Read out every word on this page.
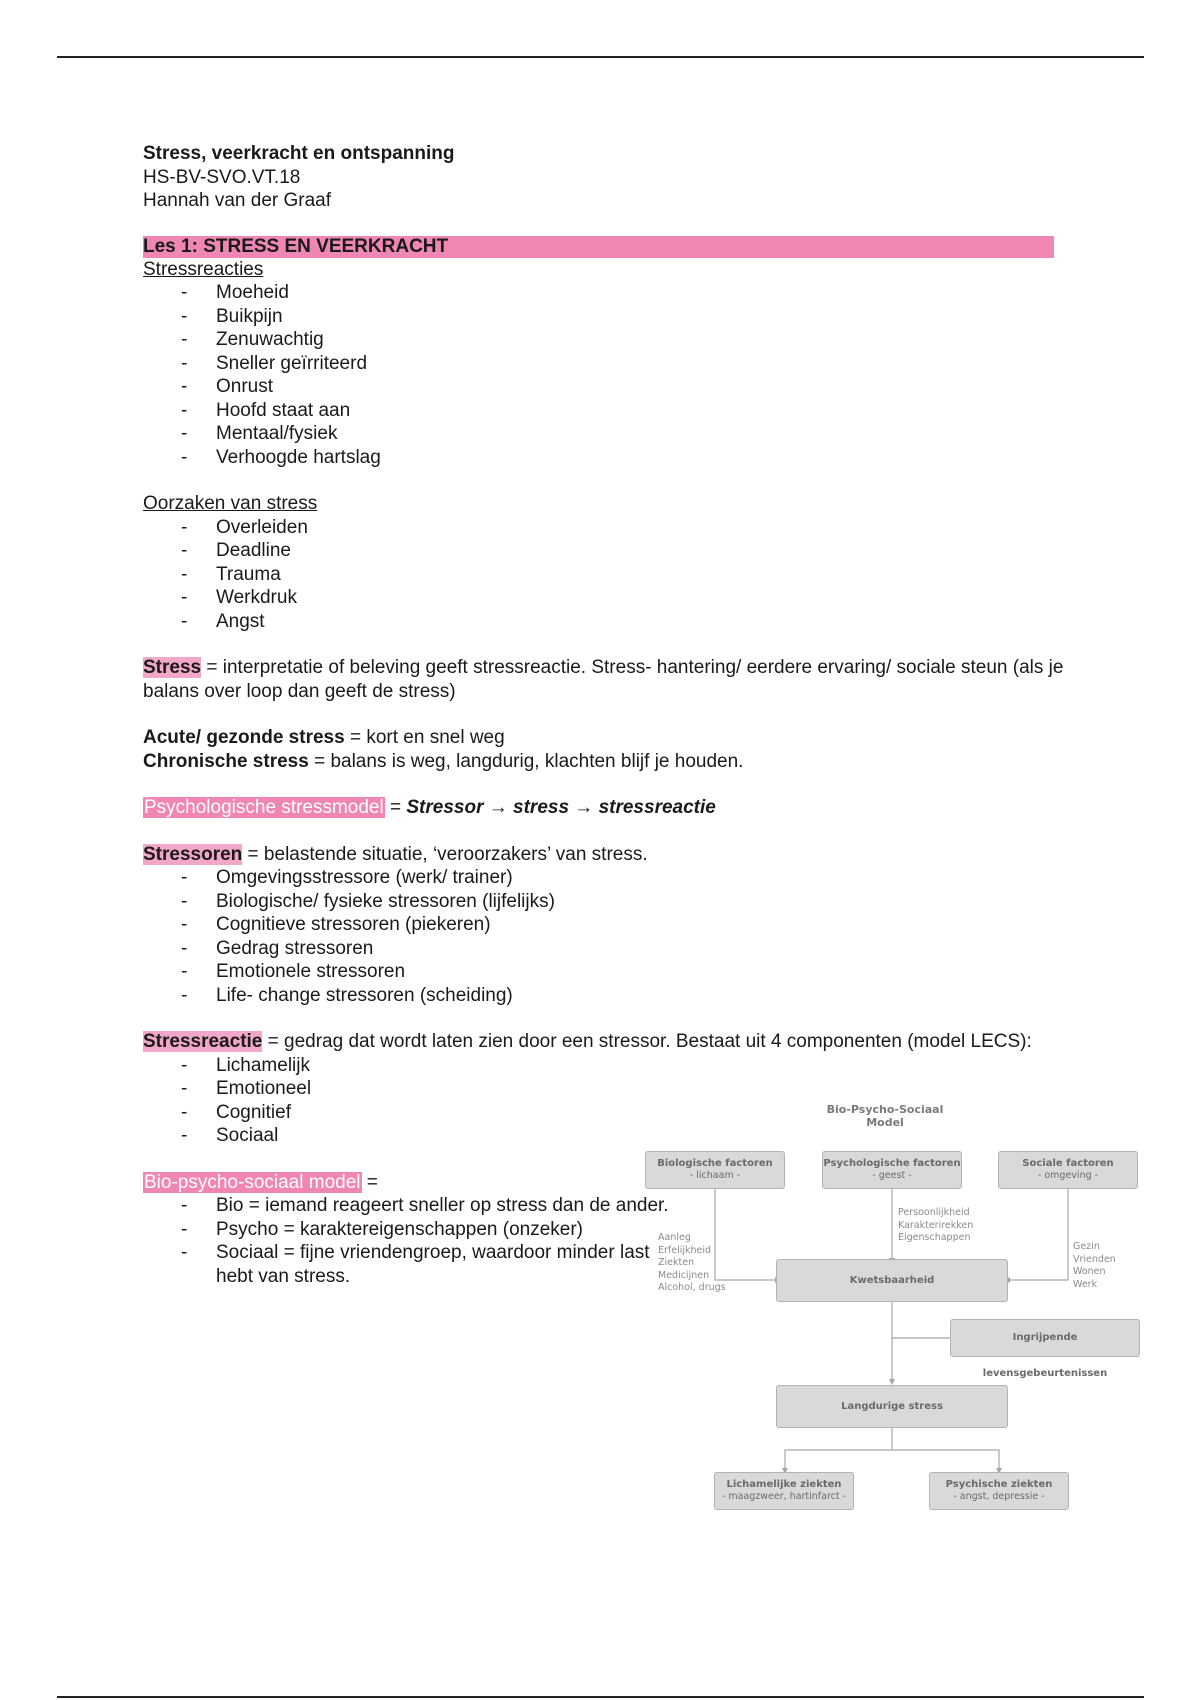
Stress, veerkracht en ontspanning
HS-BV-SVO.VT.18
Hannah van der Graaf
Les 1: STRESS EN VEERKRACHT
Stressreacties
- Moeheid
- Buikpijn
- Zenuwachtig
- Sneller geïrriteerd
- Onrust
- Hoofd staat aan
- Mentaal/fysiek
- Verhoogde hartslag
Oorzaken van stress
- Overleiden
- Deadline
- Trauma
- Werkdruk
- Angst
Stress = interpretatie of beleving geeft stressreactie. Stress- hantering/ eerdere ervaring/ sociale steun (als je balans over loop dan geeft de stress)
Acute/ gezonde stress = kort en snel weg
Chronische stress = balans is weg, langdurig, klachten blijf je houden.
Psychologische stressmodel = Stressor → stress → stressreactie
Stressoren = belastende situatie, ‘veroorzakers’ van stress.
- Omgevingsstressore (werk/ trainer)
- Biologische/ fysieke stressoren (lijfelijks)
- Cognitieve stressoren (piekeren)
- Gedrag stressoren
- Emotionele stressoren
- Life- change stressoren (scheiding)
Stressreactie = gedrag dat wordt laten zien door een stressor. Bestaat uit 4 componenten (model LECS):
- Lichamelijk
- Emotioneel
- Cognitief
- Sociaal
Bio-psycho-sociaal model =
- Bio = iemand reageert sneller op stress dan de ander.
- Psycho = karaktereigenschappen (onzeker)
- Sociaal = fijne vriendengroep, waardoor minder last hebt van stress.
Bio-Psycho-Sociaal Model
Biologische factoren
- lichaam -
Psychologische factoren
- geest -
Sociale factoren
- omgeving -
Aanleg
Erfelijkheid
Ziekten
Medicijnen
Alcohol, drugs
Persoonlijkheid
Karakterirekken
Eigenschappen
Gezin
Vrienden
Wonen
Werk
Kwetsbaarheid
Ingrijpende levensgebeurtenissen
Langdurige stress
Lichamelijke ziekten
- maagzweer, hartinfarct -
Psychische ziekten
- angst, depressie -
